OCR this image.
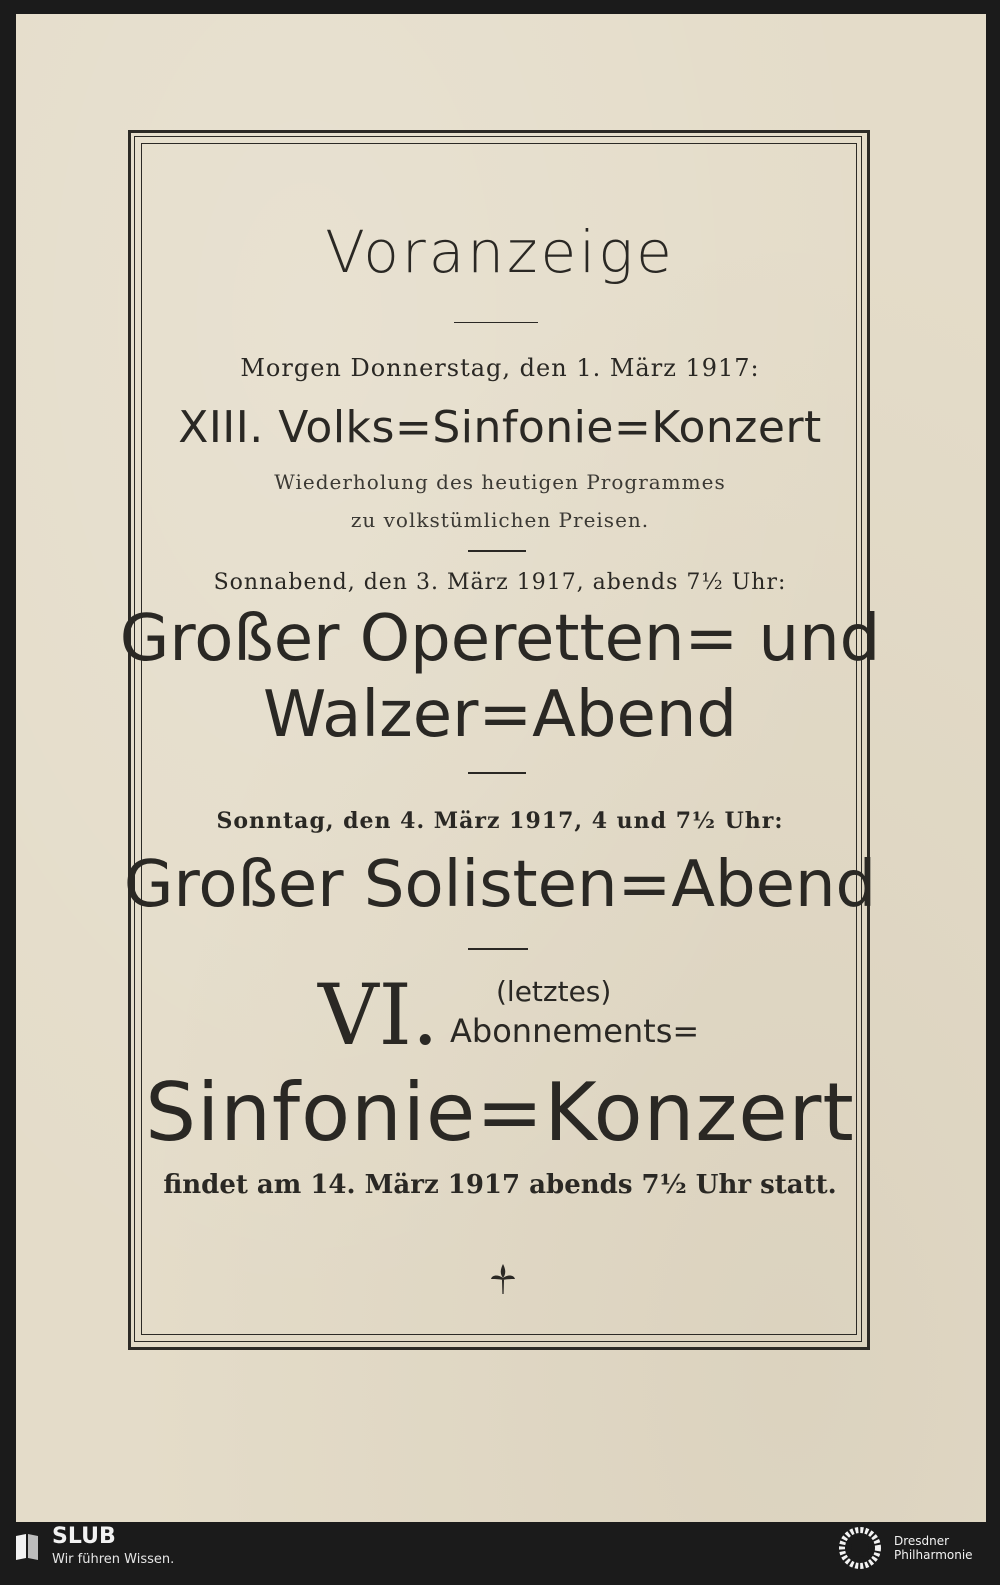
Voranzeige
Morgen Donnerstag, den 1. März 1917:
XIII. Volks=Sinfonie=Konzert
Wiederholung des heutigen Programmes
zu volkstümlichen Preisen.
Sonnabend, den 3. März 1917, abends 7½ Uhr:
Großer Operetten= und
Walzer=Abend
Sonntag, den 4. März 1917, 4 und 7½ Uhr:
Großer Solisten=Abend
VI. (letztes)
Abonnements=
Sinfonie=Konzert
findet am 14. März 1917 abends 7½ Uhr statt.
SLUB
Wir führen Wissen.
Dresdner
Philharmonie
